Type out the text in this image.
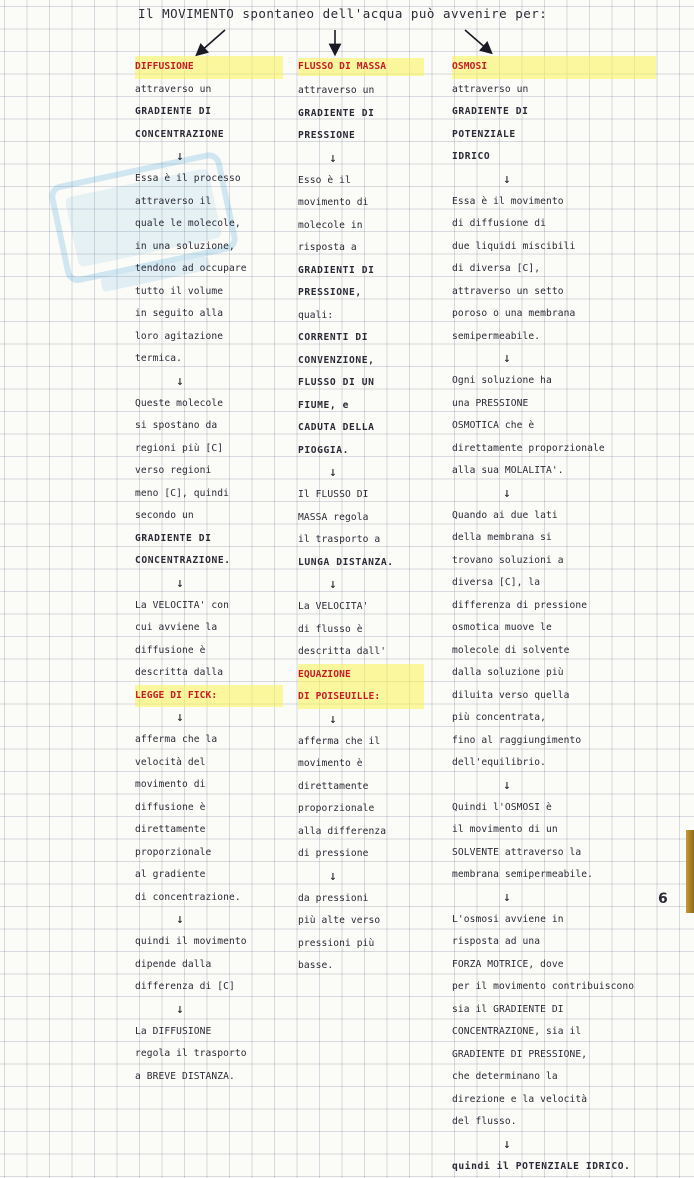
Il MOVIMENTO spontaneo dell'acqua può avvenire per:

DIFFUSIONE

attraverso un

GRADIENTE DI

CONCENTRAZIONE

↓

Essa è il processo

attraverso il

quale le molecole,

in una soluzione,

tendono ad occupare

tutto il volume

in seguito alla

loro agitazione

termica.

↓

Queste molecole

si spostano da

regioni più [C]

verso regioni

meno [C], quindi

secondo un

GRADIENTE DI

CONCENTRAZIONE.

↓

La VELOCITA' con

cui avviene la

diffusione è

descritta dalla

LEGGE DI FICK:

↓

afferma che la

velocità del

movimento di

diffusione è

direttamente

proporzionale

al gradiente

di concentrazione.

↓

quindi il movimento

dipende dalla

differenza di [C]

↓

La DIFFUSIONE

regola il trasporto

a BREVE DISTANZA.

FLUSSO DI MASSA

attraverso un

GRADIENTE DI

PRESSIONE

↓

Esso è il

movimento di

molecole in

risposta a

GRADIENTI DI

PRESSIONE,

quali:

CORRENTI DI

CONVENZIONE,

FLUSSO DI UN

FIUME, e

CADUTA DELLA

PIOGGIA.

↓

Il FLUSSO DI

MASSA regola

il trasporto a

LUNGA DISTANZA.

↓

La VELOCITA'

di flusso è

descritta dall'

EQUAZIONE

DI POISEUILLE:

↓

afferma che il

movimento è

direttamente

proporzionale

alla differenza

di pressione

↓

da pressioni

più alte verso

pressioni più

basse.

OSMOSI

attraverso un

GRADIENTE DI

POTENZIALE

IDRICO

↓

Essa è il movimento

di diffusione di

due liquidi miscibili

di diversa [C],

attraverso un setto

poroso o una membrana

semipermeabile.

↓

Ogni soluzione ha

una PRESSIONE

OSMOTICA che è

direttamente proporzionale

alla sua MOLALITA'.

↓

Quando ai due lati

della membrana si

trovano soluzioni a

diversa [C], la

differenza di pressione

osmotica muove le

molecole di solvente

dalla soluzione più

diluita verso quella

più concentrata,

fino al raggiungimento

dell'equilibrio.

↓

Quindi l'OSMOSI è

il movimento di un

SOLVENTE attraverso la

membrana semipermeabile.

↓

L'osmosi avviene in

risposta ad una

FORZA MOTRICE, dove

per il movimento contribuiscono

sia il GRADIENTE DI

CONCENTRAZIONE, sia il

GRADIENTE DI PRESSIONE,

che determinano la

direzione e la velocità

del flusso.

↓

quindi il POTENZIALE IDRICO.

6
